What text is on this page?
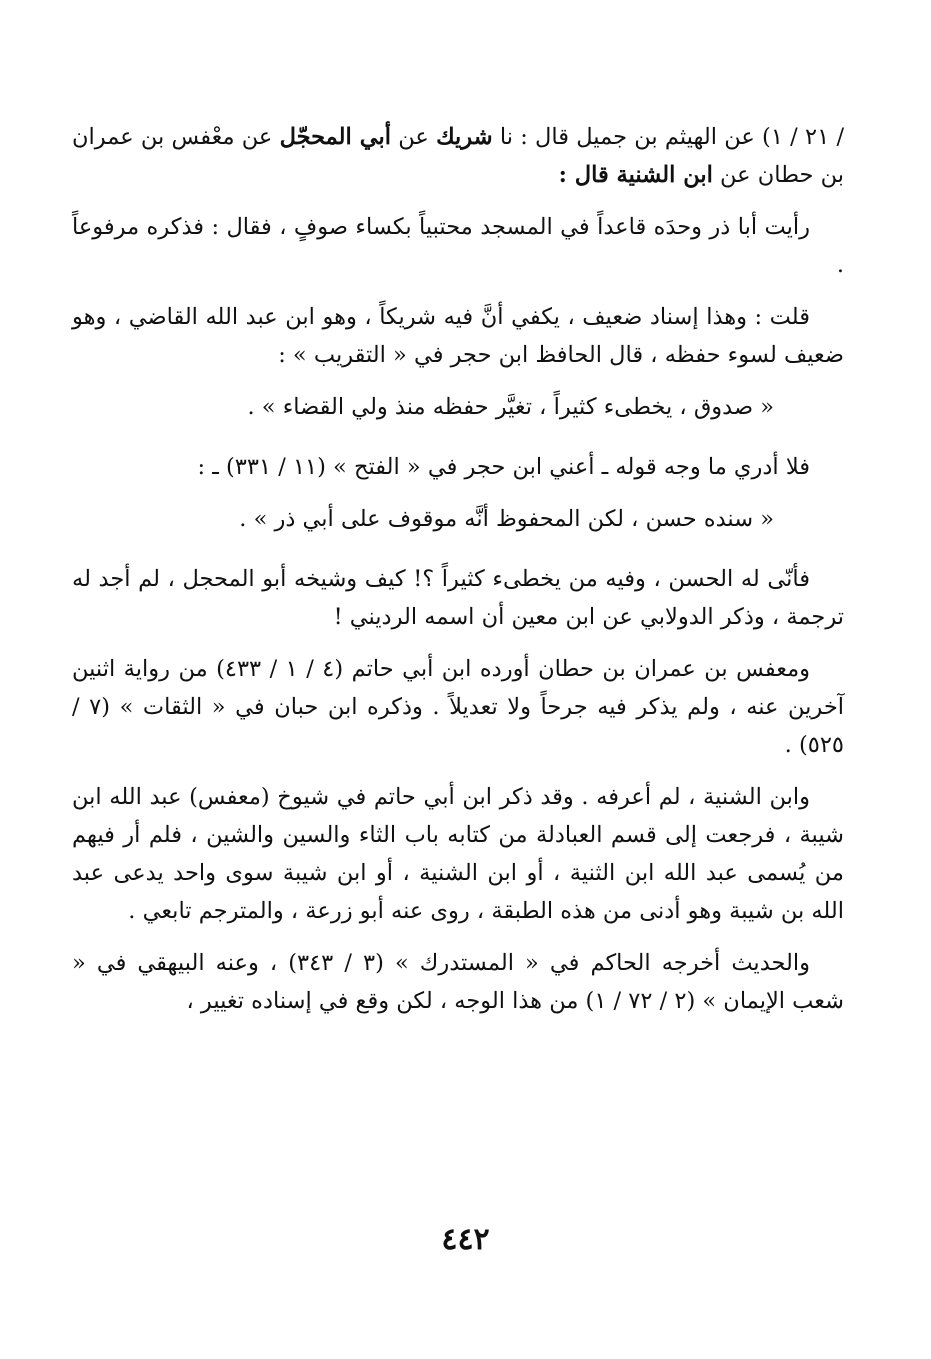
/ ٢١ / ١) عن الهيثم بن جميل قال : نا شريك عن أبي المحجّل عن معْفس بن عمران بن حطان عن ابن الشنية قال :

رأيت أبا ذر وحدَه قاعداً في المسجد محتبياً بكساء صوفٍ ، فقال : فذكره مرفوعاً .

قلت : وهذا إسناد ضعيف ، يكفي أنَّ فيه شريكاً ، وهو ابن عبد الله القاضي ، وهو ضعيف لسوء حفظه ، قال الحافظ ابن حجر في « التقريب » :

« صدوق ، يخطىء كثيراً ، تغيَّر حفظه منذ ولي القضاء » .

فلا أدري ما وجه قوله ـ أعني ابن حجر في « الفتح » (١١ / ٣٣١) ـ :

« سنده حسن ، لكن المحفوظ أنَّه موقوف على أبي ذر » .

فأنّى له الحسن ، وفيه من يخطىء كثيراً ؟! كيف وشيخه أبو المحجل ، لم أجد له ترجمة ، وذكر الدولابي عن ابن معين أن اسمه الرديني !

ومعفس بن عمران بن حطان أورده ابن أبي حاتم (٤ / ١ / ٤٣٣) من رواية اثنين آخرين عنه ، ولم يذكر فيه جرحاً ولا تعديلاً . وذكره ابن حبان في « الثقات » (٧ / ٥٢٥) .

وابن الشنية ، لم أعرفه . وقد ذكر ابن أبي حاتم في شيوخ (معفس) عبد الله ابن شيبة ، فرجعت إلى قسم العبادلة من كتابه باب الثاء والسين والشين ، فلم أر فيهم من يُسمى عبد الله ابن الثنية ، أو ابن الشنية ، أو ابن شيبة سوى واحد يدعى عبد الله بن شيبة وهو أدنى من هذه الطبقة ، روى عنه أبو زرعة ، والمترجم تابعي .

والحديث أخرجه الحاكم في « المستدرك » (٣ / ٣٤٣) ، وعنه البيهقي في « شعب الإيمان » (٢ / ٧٢ / ١) من هذا الوجه ، لكن وقع في إسناده تغيير ،

٤٤٢
